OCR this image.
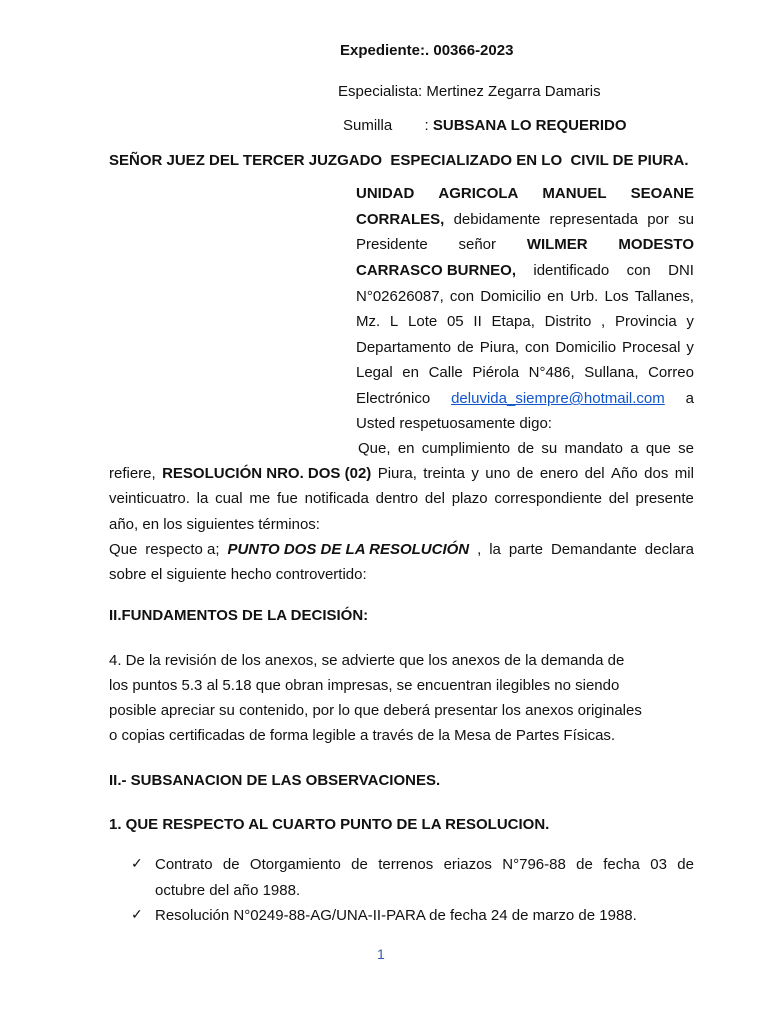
Expediente:. 00366-2023
Especialista: Mertinez Zegarra Damaris
Sumilla : SUBSANA LO REQUERIDO
SEÑOR JUEZ DEL TERCER JUZGADO  ESPECIALIZADO EN LO  CIVIL DE PIURA.
UNIDAD AGRICOLA MANUEL SEOANE
CORRALES, debidamente representada por su
Presidente señor WILMER MODESTO
CARRASCO BURNEO, identificado con DNI
N°02626087, con Domicilio en Urb. Los Tallanes,
Mz. L Lote 05 II Etapa, Distrito , Provincia y
Departamento de Piura, con Domicilio Procesal y
Legal en Calle Piérola N°486, Sullana, Correo
Electrónico deluvida_siempre@hotmail.com a
Usted respetuosamente digo:
Que, en cumplimiento de su mandato a que se
refiere, RESOLUCIÓN NRO. DOS (02) Piura, treinta y uno de enero del Año dos mil
veinticuatro. la cual me fue notificada dentro del plazo correspondiente del presente
año, en los siguientes términos:
Que respecto a; PUNTO DOS DE LA RESOLUCIÓN , la parte Demandante declara
sobre el siguiente hecho controvertido:
II.FUNDAMENTOS DE LA DECISIÓN:
4. De la revisión de los anexos, se advierte que los anexos de la demanda de
los puntos 5.3 al 5.18 que obran impresas, se encuentran ilegibles no siendo
posible apreciar su contenido, por lo que deberá presentar los anexos originales
o copias certificadas de forma legible a través de la Mesa de Partes Físicas.
II.- SUBSANACION DE LAS OBSERVACIONES.
1. QUE RESPECTO AL CUARTO PUNTO DE LA RESOLUCION.
✓ Contrato de Otorgamiento de terrenos eriazos N°796-88 de fecha 03 de
octubre del año 1988.
✓ Resolución N°0249-88-AG/UNA-II-PARA de fecha 24 de marzo de 1988.
1
